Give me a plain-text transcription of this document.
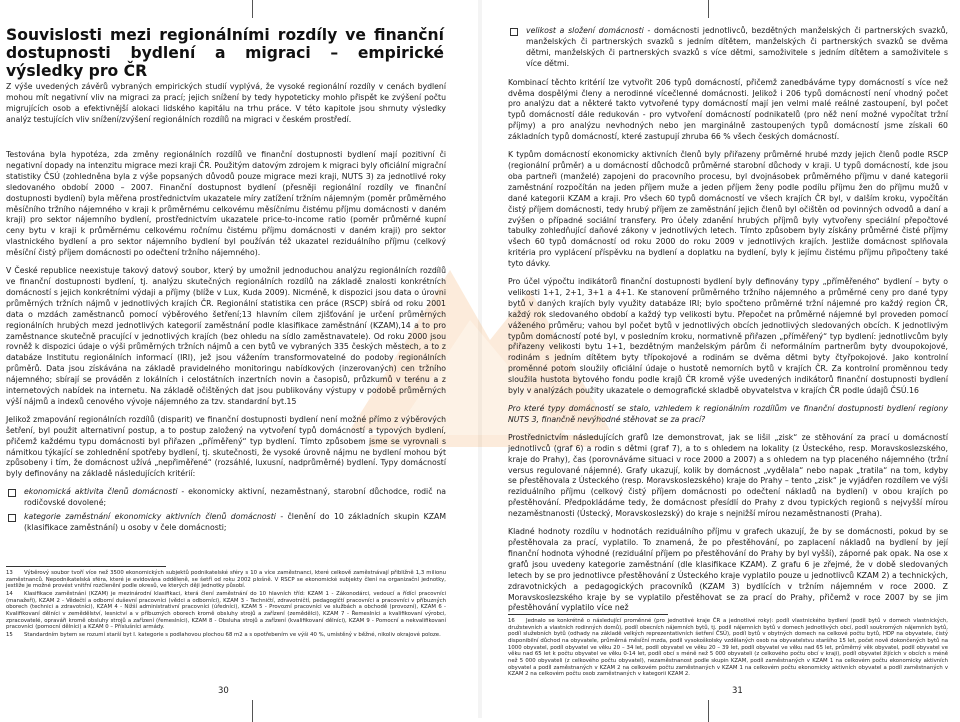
Souvislosti mezi regionálními rozdíly ve finanční dostupnosti bydlení a migraci – empirické výsledky pro ČR

Z výše uvedených závěrů vybraných empirických studií vyplývá, že vysoké regionální rozdíly v cenách bydlení mohou mít negativní vliv na migraci za prací; jejich snížení by tedy hypoteticky mohlo přispět ke zvýšení počtu migrujících osob a efektivnější alokaci lidského kapitálu na trhu práce. V této kapitole jsou shrnuty výsledky analýz testujících vliv snížení/zvýšení regionálních rozdílů na migraci v českém prostředí.

Testována byla hypotéza, zda změny regionálních rozdílů ve finanční dostupnosti bydlení mají pozitivní či negativní dopady na intenzitu migrace mezi kraji ČR. Použitým datovým zdrojem k migraci byly oficiální migrační statistiky ČSÚ (zohledněna byla z výše popsaných důvodů pouze migrace mezi kraji, NUTS 3) za jednotlivé roky sledovaného období 2000 – 2007. Finanční dostupnost bydlení (přesněji regionální rozdíly ve finanční dostupnosti bydlení) byla měřena prostřednictvím ukazatele míry zatížení tržním nájemným (poměr průměrného měsíčního tržního nájemného v kraji k průměrnému celkovému měsíčnímu čistému příjmu domácnosti v daném kraji) pro sektor nájemního bydlení, prostřednictvím ukazatele price-to-income ratio (poměr průměrné kupní ceny bytu v kraji k průměrnému celkovému ročnímu čistému příjmu domácnosti v daném kraji) pro sektor vlastnického bydlení a pro sektor nájemního bydlení byl používán též ukazatel reziduálního příjmu (celkový měsíční čistý příjem domácnosti po odečtení tržního nájemného).

V České republice neexistuje takový datový soubor, který by umožnil jednoduchou analýzu regionálních rozdílů ve finanční dostupnosti bydlení, tj. analýzu skutečných regionálních rozdílů na základě znalosti konkrétních domácností s jejich konkrétními výdaji a příjmy (blíže v Lux, Kuda 2009). Nicméně, k dispozici jsou data o úrovni průměrných tržních nájmů v jednotlivých krajích ČR. Regionální statistika cen práce (RSCP) sbírá od roku 2001 data o mzdách zaměstnanců pomocí výběrového šetření;13 hlavním cílem zjišťování je určení průměrných regionálních hrubých mezd jednotlivých kategorií zaměstnání podle klasifikace zaměstnání (KZAM),14 a to pro zaměstnance skutečně pracující v jednotlivých krajích (bez ohledu na sídlo zaměstnavatele). Od roku 2000 jsou rovněž k dispozici údaje o výši průměrných tržních nájmů a cen bytů ve vybraných 335 českých městech, a to z databáze Institutu regionálních informací (IRI), jež jsou vážením transformovatelné do podoby regionálních průměrů. Data jsou získávána na základě pravidelného monitoringu nabídkových (inzerovaných) cen tržního nájemného; sbírají se prováděn z lokálních i celostátních inzertních novin a časopisů, průzkumů v terénu a z internetových nabídek na internetu. Na základě očištěných dat jsou publikovány výstupy v podobě průměrných výší nájmů a indexů cenového vývoje nájemného za tzv. standardní byt.15

Jelikož zmapování regionálních rozdílů (disparit) ve finanční dostupnosti bydlení není možné přímo z výběrových šetření, byl použit alternativní postup, a to postup založený na vytvoření typů domácností a typových bydlení, přičemž každému typu domácnosti byl přiřazen „příměřený“ typ bydlení. Tímto způsobem jsme se vyrovnali s námitkou týkající se zohlednění spotřeby bydlení, tj. skutečnosti, že vysoké úrovně nájmu ne bydlení mohou být způsobeny i tím, že domácnost užívá „nepřiměřené“ (rozsáhlé, luxusní, nadprůměrné) bydlení. Typy domácností byly definovány na základě následujících kritérií:

ekonomická aktivita členů domácnosti - ekonomicky aktivní, nezaměstnaný, starobní důchodce, rodič na rodičovské dovolené;
kategorie zaměstnání ekonomicky aktivních členů domácnosti - členění do 10 základních skupin KZAM (klasifikace zaměstnání) u osoby v čele domácnosti;

13 Výběrový soubor tvoří více než 3500 ekonomických subjektů podnikatelské sféry s 10 a více zaměstnanci, které celkově zaměstnávají přibližně 1,3 milionu zaměstnanců. Nepodnikatelská sféra, které je evidována odděleně, se šetří od roku 2002 plošně. V RSCP se ekonomické subjekty člení na organizační jednotky, jestliže je možné provést vnitřní rozčlenění podle okresů, ve kterých ději jednotky působí.

14 Klasifikace zaměstnání (KZAM) je mezinárodní klasifikaci, která člení zaměstnání do 10 hlavních tříd: KZAM 1 - Zákonodárci, vedoucí a řídící pracovníci (manažeři), KZAM 2 - Vědečtí a odborní duševní pracovníci (vědci a odborníci), KZAM 3 - Techničtí, zdravotničtí, pedagogičtí pracovníci a pracovníci v příbuzných oborech (technici a zdravotníci), KZAM 4 - Nižší administrativní pracovníci (úředníci), KZAM 5 - Provozní pracovníci ve službách a obchodě (provozní), KZAM 6 - Kvalifikovaní dělníci v zemědělství, lesnictví a v příbuzných oborech kromě obsluhy strojů a zařízení (zemědělci), KZAM 7 - Řemeslníci a kvalifikovaní výrobci, zpracovatelé, opraváři kromě obsluhy strojů a zařízení (řemeslníci), KZAM 8 - Obsluha strojů a zařízení (kvalifikovaní dělníci), KZAM 9 - Pomocní a nekvalifikovaní pracovníci (pomocní dělníci) a KZAM 0 – Příslušníci armády.

15 Standardním bytem se rozumí starší byt I. kategorie s podlahovou plochou 68 m2 a s opotřebením ve výši 40 %, umístěný v běžné, nikoliv okrajové poloze.

30
velikost a složení domácnosti - domácnosti jednotlivců, bezdětných manželských či partnerských svazků, manželských či partnerských svazků s jedním dítětem, manželských či partnerských svazků se dvěma dětmi, manželských či partnerských svazků s více dětmi, samoživitele s jedním dítětem a samoživitele s více dětmi.

Kombinací těchto kritérií lze vytvořit 206 typů domácností, přičemž zanedbáváme typy domácností s více než dvěma dospělými členy a nerodinné vícečlenné domácnosti. Jelikož i 206 typů domácností není vhodný počet pro analýzu dat a některé takto vytvořené typy domácností mají jen velmi malé reálné zastoupení, byl počet typů domácností dále redukován - pro vytvoření domácností podnikatelů (pro něž není možné vypočítat tržní příjmy) a pro analýzu nevhodných nebo jen marginálně zastoupených typů domácností jsme získali 60 základních typů domácností, které zastupují zhruba 66 % všech českých domácností.

K typům domácností ekonomicky aktivních členů byly přiřazeny průměrné hrubé mzdy jejich členů podle RSCP (regionální průměr) a u domácností důchodců průměrné starobní důchody v kraji. U typů domácností, kde jsou oba partneři (manželé) zapojeni do pracovního procesu, byl dvojnásobek průměrného příjmu v dané kategorii zaměstnání rozpočítán na jeden příjem muže a jeden příjem ženy podle podílu příjmu žen do příjmu mužů v dané kategorii KZAM a kraji. Pro všech 60 typů domácností ve všech krajích ČR byl, v dalším kroku, vypočítán čistý příjem domácnosti, tedy hrubý příjem ze zaměstnání jejich členů byl očištěn od povinných odvodů a daní a zvýšen o případné sociální transfery. Pro účely zdanění hrubých příjmů byly vytvořeny speciální přepočtové tabulky zohledňující daňové zákony v jednotlivých letech. Tímto způsobem byly získány průměrné čisté příjmy všech 60 typů domácností od roku 2000 do roku 2009 v jednotlivých krajích. Jestliže domácnost splňovala kritéria pro vyplácení příspěvku na bydlení a doplatku na bydlení, byly k jejímu čistému příjmu připočteny také tyto dávky.

Pro účel výpočtu indikátorů finanční dostupnosti bydlení byly definovány typy „příměřeného“ bydlení – byty o velikosti 1+1, 2+1, 3+1 a 4+1. Ke stanovení průměrného tržního nájemného a průměrné ceny pro dané typy bytů v daných krajích byly využity databáze IRI; bylo spočteno průměrné tržní nájemné pro každý region ČR, každý rok sledovaného období a každý typ velikosti bytu. Přepočet na průměrné nájemné byl proveden pomocí váženého průměru; vahou byl počet bytů v jednotlivých obcích jednotlivých sledovaných obcích. K jednotlivým typům domácností poté byl, v posledním kroku, normativně přiřazen „příměřený“ typ bydlení: jednotlivcům byly přiřazeny velikosti bytu 1+1, bezdětným manželským párům či neformálním partnerům byty dvoupokojové, rodinám s jedním dítětem byty třípokojové a rodinám se dvěma dětmi byty čtyřpokojové. Jako kontrolní proměnné potom sloužily oficiální údaje o hustotě nemorních bytů v krajích ČR. Za kontrolní proměnnou tedy sloužila hustota bytového fondu podle krajů ČR kromě výše uvedených indikátorů finanční dostupnosti bydlení byly v analýzách použity ukazatele o demografické skladbě obyvatelstva v krajích ČR podle údajů ČSÚ.16

Pro které typy domácností se stalo, vzhledem k regionálním rozdílům ve finanční dostupnosti bydlení regiony NUTS 3, finančně nevýhodné stěhovat se za prací?

Prostřednictvím následujících grafů lze demonstrovat, jak se lišil „zisk“ ze stěhování za prací u domácností jednotlivců (graf 6) a rodin s dětmi (graf 7), a to s ohledem na lokality (z Ústeckého, resp. Moravskoslezského, kraje do Prahy), čas (porovnáváme situaci v roce 2000 a 2007) a s ohledem na typ placeného nájemného (tržní versus regulované nájemné). Grafy ukazují, kolik by domácnost „vydělala“ nebo napak „tratila“ na tom, kdyby se přestěhovala z Ústeckého (resp. Moravskoslezského) kraje do Prahy – tento „zisk“ je vyjádřen rozdílem ve výši reziduálního příjmu (celkový čistý příjem domácnosti po odečtení nákladů na bydlení) v obou krajích po přestěhování. Předpokládáme tedy, že domácnost přesídlí do Prahy z dvou typických regionů s nejvyšší mírou nezaměstnanosti (Ústecký, Moravskoslezský) do kraje s nejnižší mírou nezaměstnanosti (Praha).

Kladné hodnoty rozdílu v hodnotách reziduálního příjmu v grafech ukazují, že by se domácnosti, pokud by se přestěhovala za prací, vyplatilo. To znamená, že po přestěhování, po zaplacení nákladů na bydlení by její finanční hodnota výhodné (reziduální příjem po přestěhování do Prahy by byl vyšší), záporné pak opak. Na ose x grafů jsou uvedeny kategorie zaměstnání (dle klasifikace KZAM). Z grafu 6 je zřejmé, že v době sledovaných letech by se pro jednotlivce přestěhování z Ústeckého kraje vyplatilo pouze u jednotlivců KZAM 2) a technických, zdravotnických a pedagogických pracovníků (KZAM 3) bydlících v tržním nájemném v roce 2000. Z Moravskoslezského kraje by se vyplatilo přestěhovat se za prací do Prahy, přičemž v roce 2007 by se jim přestěhování vyplatilo více než

16 Jednalo se konkrétně o následující proměnné (pro jednotlivé kraje ČR a jednotlivé roky): podíl vlastnického bydlení (podíl bytů v domech vlastnických, družstevních a vlastních rodinných domů), podíl obecních nájemních bytů, tj. podíl nájemních bytů v domech jednotlivých obcí, podíl soukromých nájemních bytů, podíl služebních bytů (odhady na základě velkých reprezentativních šetření ČSÚ), podíl bytů v obytných domech na celkové počtu bytů, HDP na obyvatele, čistý disponibilní důchod na obyvatele, průměrná měsíční mzda, podíl vysokoškolsky vzdělaných osob na obyvatelstvu staršího 15 let, počet nově dokončených bytů na 1000 obyvatel, podíl obyvatel ve věku 20 – 34 let, podíl obyvatel ve věku 20 – 39 let, podíl obyvatel ve věku nad 65 let, průměrný věk obyvatel, podíl obyvatel ve věku nad 65 let k počtu obyvatel ve věku 0-14 let, podíl obcí s méně než 5 000 obyvateli (z celkového počtu obcí v kraji), podíl obyvatel žijících v obcích s méně než 5 000 obyvateli (z celkového počtu obyvatel), nezaměstnanost podle skupin KZAM, podíl zaměstnaných v KZAM 1 na celkovém počtu ekonomicky aktivních obyvatel a podíl zaměstnaných v KZAM 2 na celkovém počtu zaměstnaných v KZAM 1 na celkovém počtu ekonomicky aktivních obyvatel a podíl zaměstnaných v KZAM 2 na celkovém počtu osob zaměstnaných v kategorii KZAM 2.

31
